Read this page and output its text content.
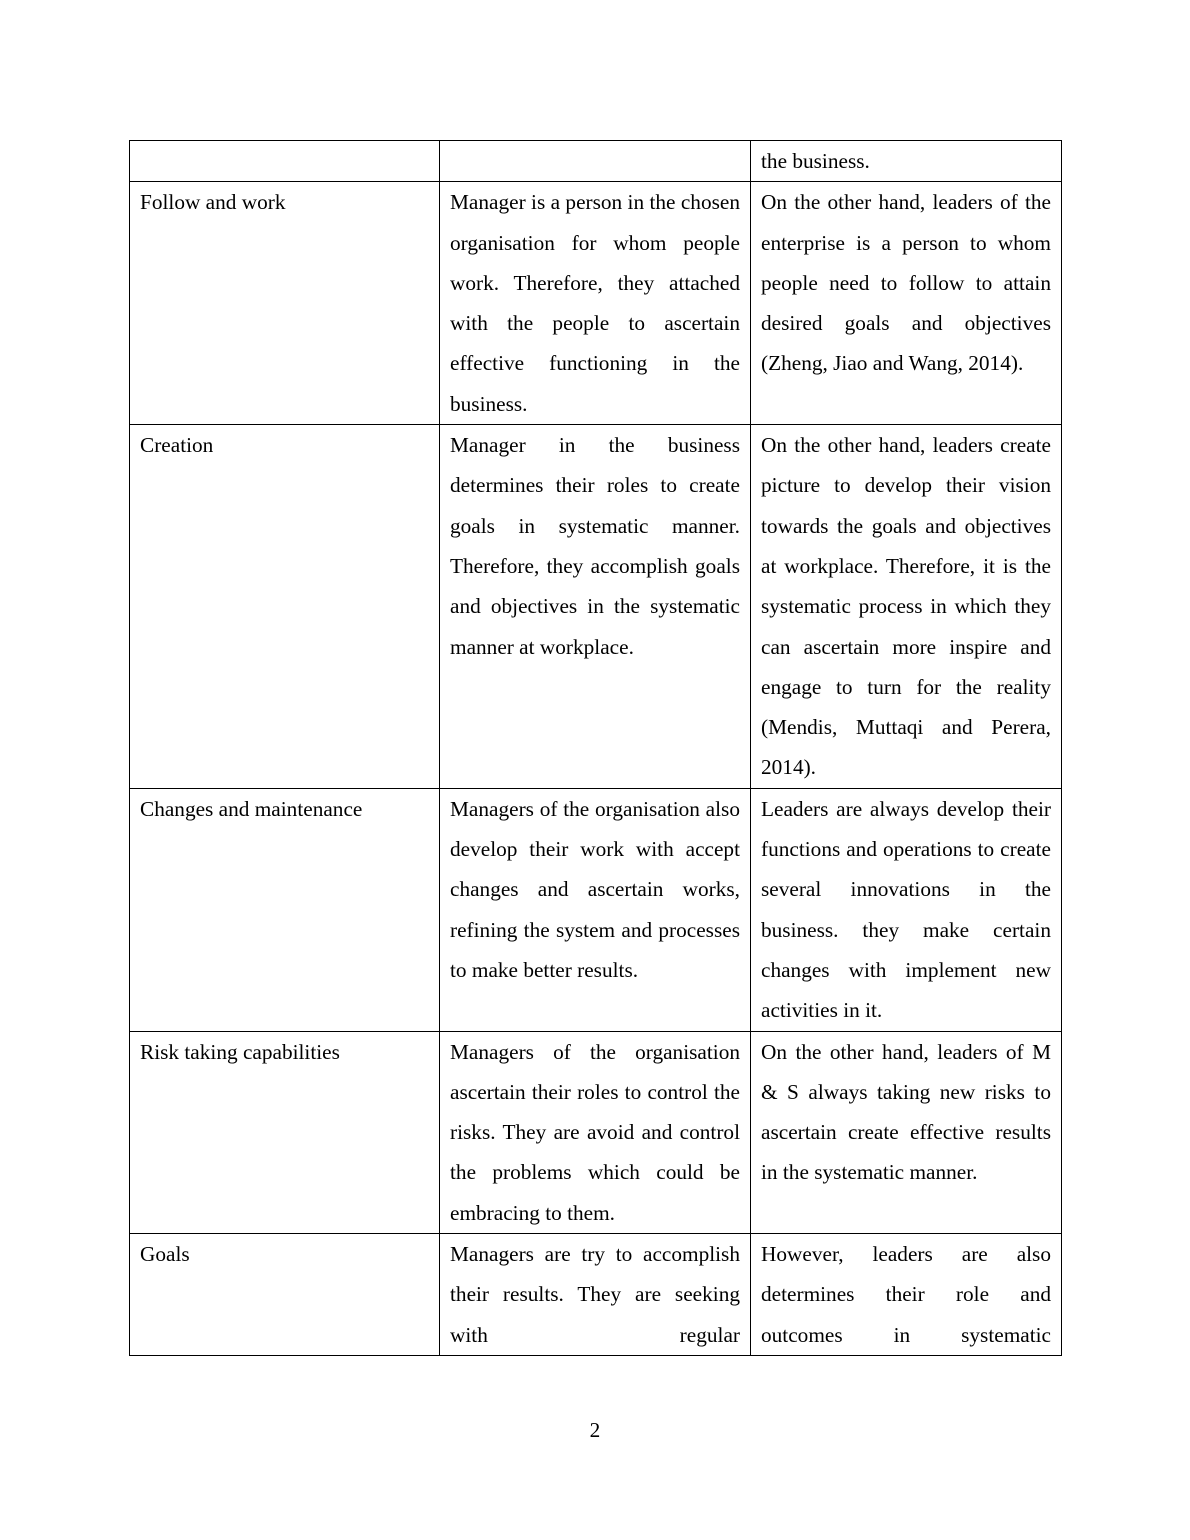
		the business.
Follow and work	Manager is a person in the chosen organisation for whom people work. Therefore, they attached with the people to ascertain effective functioning in the business.	On the other hand, leaders of the enterprise is a person to whom people need to follow to attain desired goals and objectives (Zheng, Jiao and Wang, 2014).
Creation	Manager in the business determines their roles to create goals in systematic manner. Therefore, they accomplish goals and objectives in the systematic manner at workplace.	On the other hand, leaders create picture to develop their vision towards the goals and objectives at workplace. Therefore, it is the systematic process in which they can ascertain more inspire and engage to turn for the reality (Mendis, Muttaqi and Perera, 2014).
Changes and maintenance	Managers of the organisation also develop their work with accept changes and ascertain works, refining the system and processes to make better results.	Leaders are always develop their functions and operations to create several innovations in the business. they make certain changes with implement new activities in it.
Risk taking capabilities	Managers of the organisation ascertain their roles to control the risks. They are avoid and control the problems which could be embracing to them.	On the other hand, leaders of M & S always taking new risks to ascertain create effective results in the systematic manner.
Goals	Managers are try to accomplish their results. They are seeking with regular	However, leaders are also determines their role and outcomes in systematic
2
